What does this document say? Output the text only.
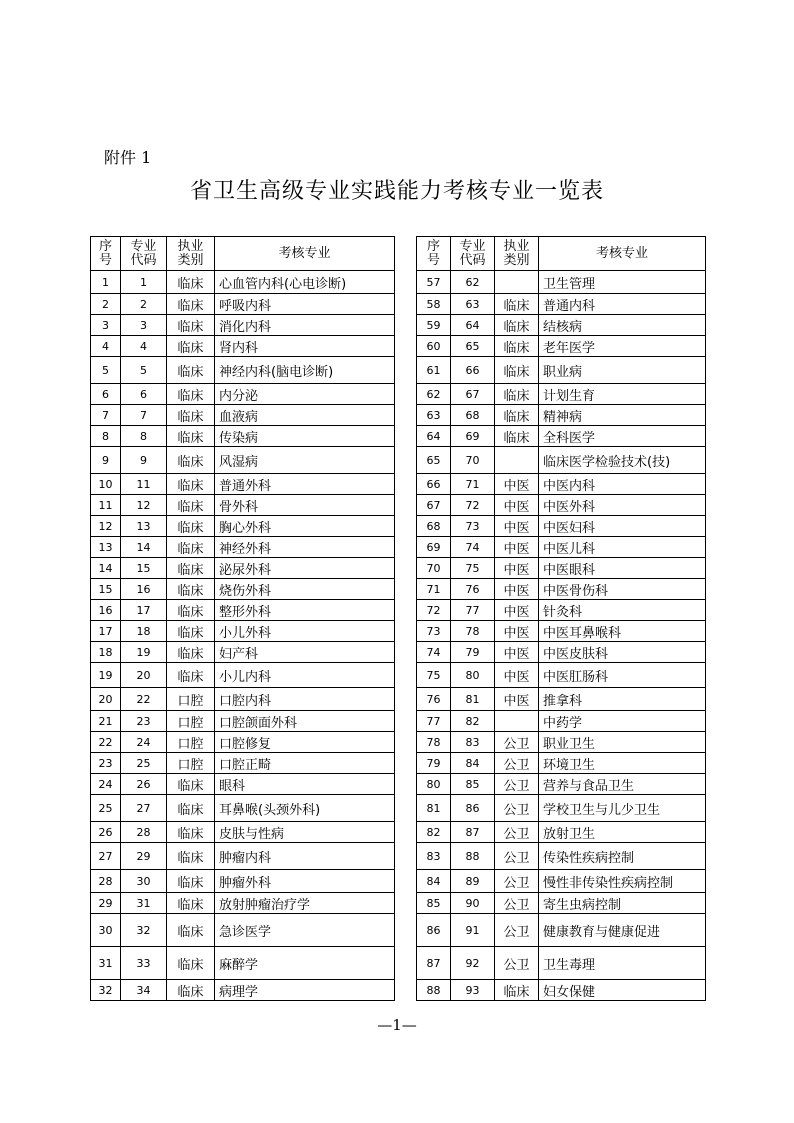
附件 1
省卫生高级专业实践能力考核专业一览表
序号	专业代码	执业类别	考核专业
1	1	临床	心血管内科(心电诊断)
2	2	临床	呼吸内科
3	3	临床	消化内科
4	4	临床	肾内科
5	5	临床	神经内科(脑电诊断)
6	6	临床	内分泌
7	7	临床	血液病
8	8	临床	传染病
9	9	临床	风湿病
10	11	临床	普通外科
11	12	临床	骨外科
12	13	临床	胸心外科
13	14	临床	神经外科
14	15	临床	泌尿外科
15	16	临床	烧伤外科
16	17	临床	整形外科
17	18	临床	小儿外科
18	19	临床	妇产科
19	20	临床	小儿内科
20	22	口腔	口腔内科
21	23	口腔	口腔颌面外科
22	24	口腔	口腔修复
23	25	口腔	口腔正畸
24	26	临床	眼科
25	27	临床	耳鼻喉(头颈外科)
26	28	临床	皮肤与性病
27	29	临床	肿瘤内科
28	30	临床	肿瘤外科
29	31	临床	放射肿瘤治疗学
30	32	临床	急诊医学
31	33	临床	麻醉学
32	34	临床	病理学
序号	专业代码	执业类别	考核专业
57	62		卫生管理
58	63	临床	普通内科
59	64	临床	结核病
60	65	临床	老年医学
61	66	临床	职业病
62	67	临床	计划生育
63	68	临床	精神病
64	69	临床	全科医学
65	70		临床医学检验技术(技)
66	71	中医	中医内科
67	72	中医	中医外科
68	73	中医	中医妇科
69	74	中医	中医儿科
70	75	中医	中医眼科
71	76	中医	中医骨伤科
72	77	中医	针灸科
73	78	中医	中医耳鼻喉科
74	79	中医	中医皮肤科
75	80	中医	中医肛肠科
76	81	中医	推拿科
77	82		中药学
78	83	公卫	职业卫生
79	84	公卫	环境卫生
80	85	公卫	营养与食品卫生
81	86	公卫	学校卫生与儿少卫生
82	87	公卫	放射卫生
83	88	公卫	传染性疾病控制
84	89	公卫	慢性非传染性疾病控制
85	90	公卫	寄生虫病控制
86	91	公卫	健康教育与健康促进
87	92	公卫	卫生毒理
88	93	临床	妇女保健
—1—
